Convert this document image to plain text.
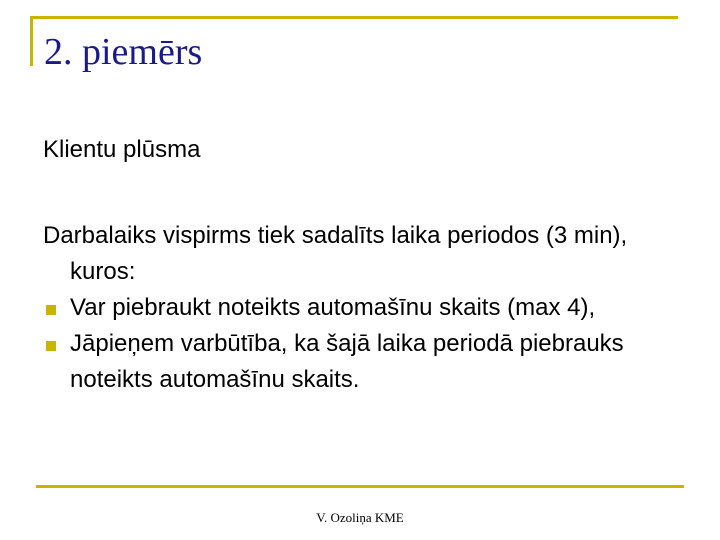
2. piemērs
Klientu plūsma
Darbalaiks vispirms tiek sadalīts laika periodos (3 min), kuros:
Var piebraukt noteikts automašīnu skaits (max 4),
Jāpieņem varbūtība, ka šajā laika periodā piebrauks noteikts automašīnu skaits.
V. Ozoliņa KME
